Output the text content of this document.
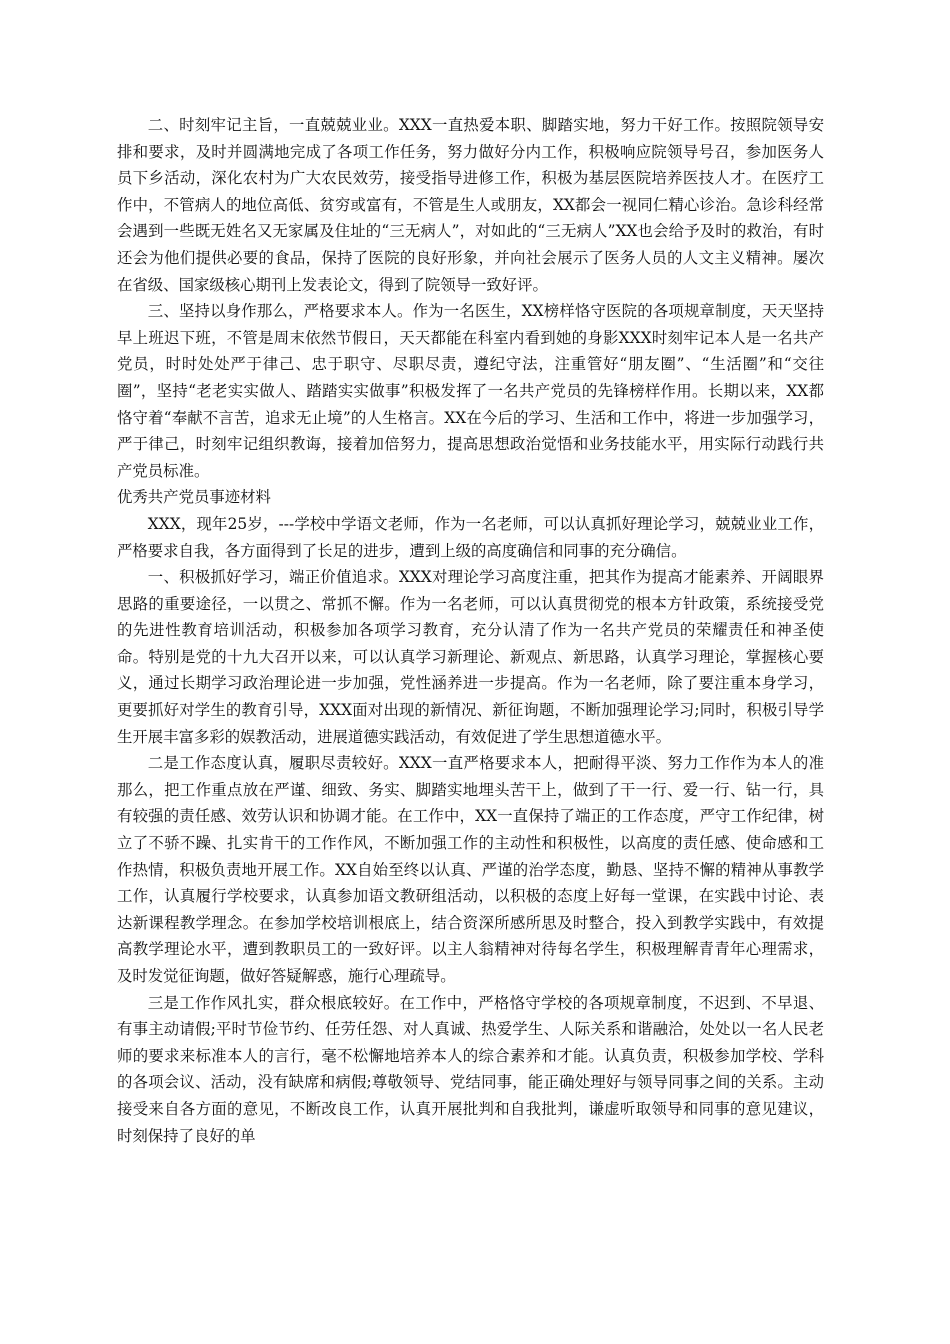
二、时刻牢记主旨，一直兢兢业业。XXX一直热爱本职、脚踏实地，努力干好工作。按照院领导安排和要求，及时并圆满地完成了各项工作任务，努力做好分内工作，积极响应院领导号召，参加医务人员下乡活动，深化农村为广大农民效劳，接受指导进修工作，积极为基层医院培养医技人才。在医疗工作中，不管病人的地位高低、贫穷或富有，不管是生人或朋友，XX都会一视同仁精心诊治。急诊科经常会遇到一些既无姓名又无家属及住址的“三无病人”，对如此的“三无病人”XX也会给予及时的救治，有时还会为他们提供必要的食品，保持了医院的良好形象，并向社会展示了医务人员的人文主义精神。屡次在省级、国家级核心期刊上发表论文，得到了院领导一致好评。

三、坚持以身作那么，严格要求本人。作为一名医生，XX榜样恪守医院的各项规章制度，天天坚持早上班迟下班，不管是周末依然节假日，天天都能在科室内看到她的身影XXX时刻牢记本人是一名共产党员，时时处处严于律己、忠于职守、尽职尽责，遵纪守法，注重管好“朋友圈”、“生活圈”和“交往圈”，坚持“老老实实做人、踏踏实实做事”积极发挥了一名共产党员的先锋榜样作用。长期以来，XX都恪守着“奉献不言苦，追求无止境”的人生格言。XX在今后的学习、生活和工作中，将进一步加强学习，严于律己，时刻牢记组织教诲，接着加倍努力，提高思想政治觉悟和业务技能水平，用实际行动践行共产党员标准。

优秀共产党员事迹材料

XXX，现年25岁，---学校中学语文老师，作为一名老师，可以认真抓好理论学习，兢兢业业工作，严格要求自我，各方面得到了长足的进步，遭到上级的高度确信和同事的充分确信。

一、积极抓好学习，端正价值追求。XXX对理论学习高度注重，把其作为提高才能素养、开阔眼界思路的重要途径，一以贯之、常抓不懈。作为一名老师，可以认真贯彻党的根本方针政策，系统接受党的先进性教育培训活动，积极参加各项学习教育，充分认清了作为一名共产党员的荣耀责任和神圣使命。特别是党的十九大召开以来，可以认真学习新理论、新观点、新思路，认真学习理论，掌握核心要义，通过长期学习政治理论进一步加强，党性涵养进一步提高。作为一名老师，除了要注重本身学习，更要抓好对学生的教育引导，XXX面对出现的新情况、新征询题，不断加强理论学习;同时，积极引导学生开展丰富多彩的娱教活动，进展道德实践活动，有效促进了学生思想道德水平。

二是工作态度认真，履职尽责较好。XXX一直严格要求本人，把耐得平淡、努力工作作为本人的准那么，把工作重点放在严谨、细致、务实、脚踏实地埋头苦干上，做到了干一行、爱一行、钻一行，具有较强的责任感、效劳认识和协调才能。在工作中，XX一直保持了端正的工作态度，严守工作纪律，树立了不骄不躁、扎实肯干的工作作风，不断加强工作的主动性和积极性，以高度的责任感、使命感和工作热情，积极负责地开展工作。XX自始至终以认真、严谨的治学态度，勤恳、坚持不懈的精神从事教学工作，认真履行学校要求，认真参加语文教研组活动，以积极的态度上好每一堂课，在实践中讨论、表达新课程教学理念。在参加学校培训根底上，结合资深所感所思及时整合，投入到教学实践中，有效提高教学理论水平，遭到教职员工的一致好评。以主人翁精神对待每名学生，积极理解青青年心理需求，及时发觉征询题，做好答疑解惑，施行心理疏导。

三是工作作风扎实，群众根底较好。在工作中，严格恪守学校的各项规章制度，不迟到、不早退、有事主动请假;平时节俭节约、任劳任怨、对人真诚、热爱学生、人际关系和谐融洽，处处以一名人民老师的要求来标准本人的言行，毫不松懈地培养本人的综合素养和才能。认真负责，积极参加学校、学科的各项会议、活动，没有缺席和病假;尊敬领导、党结同事，能正确处理好与领导同事之间的关系。主动接受来自各方面的意见，不断改良工作，认真开展批判和自我批判，谦虚听取领导和同事的意见建议，时刻保持了良好的单
